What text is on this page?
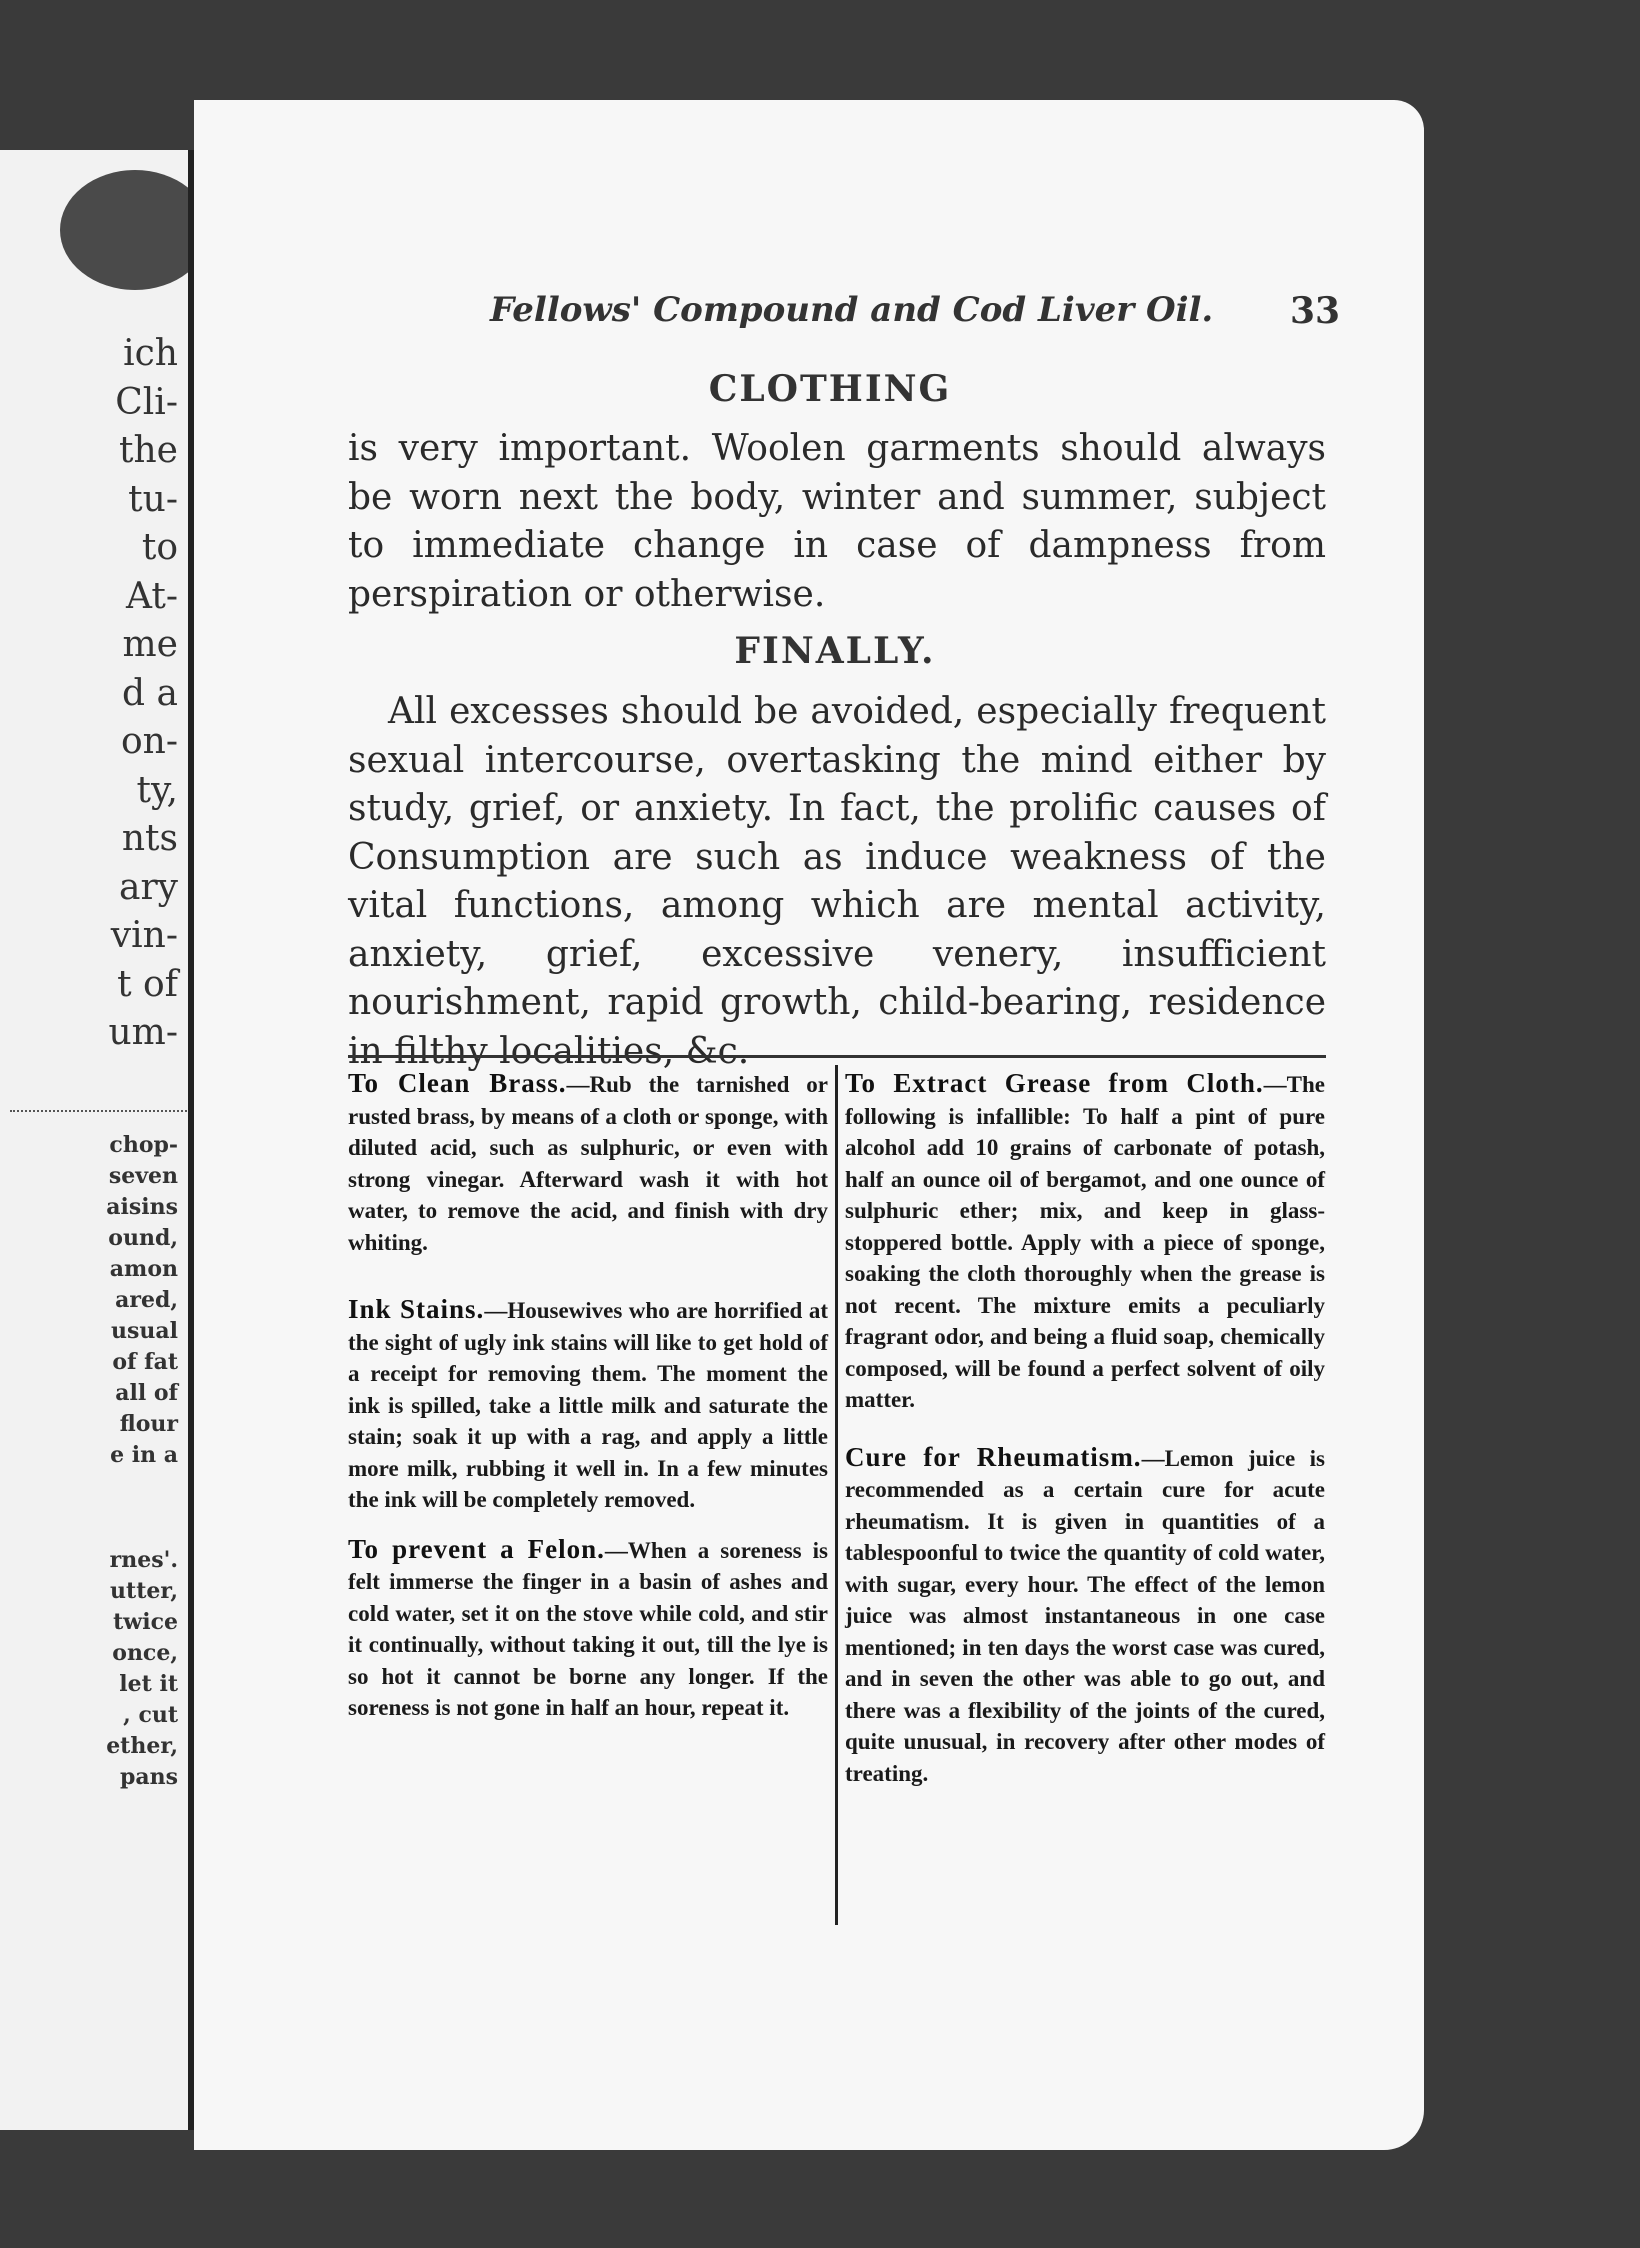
ich
Cli-
the
tu-
to
At-
me
d a
on-
ty,
nts
ary
vin-
t of
um-
chop-
seven
aisins
ound,
amon
ared,
usual
of fat
all of
flour
e in a
rnes'.
utter,
twice
once,
let it
, cut
ether,
pans
Fellows' Compound and Cod Liver Oil. 33
CLOTHING
is very important. Woolen garments should always be worn next the body, winter and summer, subject to immediate change in case of dampness from perspiration or otherwise.
FINALLY.
All excesses should be avoided, especially frequent sexual intercourse, overtasking the mind either by study, grief, or anxiety. In fact, the prolific causes of Consumption are such as induce weakness of the vital functions, among which are mental activity, anxiety, grief, excessive venery, insufficient nourishment, rapid growth, child-bearing, residence in filthy localities, &c.
To Clean Brass.—Rub the tarnished or rusted brass, by means of a cloth or sponge, with diluted acid, such as sulphuric, or even with strong vinegar. Afterward wash it with hot water, to remove the acid, and finish with dry whiting.
Ink Stains.—Housewives who are horrified at the sight of ugly ink stains will like to get hold of a receipt for removing them. The moment the ink is spilled, take a little milk and saturate the stain; soak it up with a rag, and apply a little more milk, rubbing it well in. In a few minutes the ink will be completely removed.
To prevent a Felon.—When a soreness is felt immerse the finger in a basin of ashes and cold water, set it on the stove while cold, and stir it continually, without taking it out, till the lye is so hot it cannot be borne any longer. If the soreness is not gone in half an hour, repeat it.
To Extract Grease from Cloth.—The following is infallible: To half a pint of pure alcohol add 10 grains of carbonate of potash, half an ounce oil of bergamot, and one ounce of sulphuric ether; mix, and keep in glass-stoppered bottle. Apply with a piece of sponge, soaking the cloth thoroughly when the grease is not recent. The mixture emits a peculiarly fragrant odor, and being a fluid soap, chemically composed, will be found a perfect solvent of oily matter.
Cure for Rheumatism.—Lemon juice is recommended as a certain cure for acute rheumatism. It is given in quantities of a tablespoonful to twice the quantity of cold water, with sugar, every hour. The effect of the lemon juice was almost instantaneous in one case mentioned; in ten days the worst case was cured, and in seven the other was able to go out, and there was a flexibility of the joints of the cured, quite unusual, in recovery after other modes of treating.
